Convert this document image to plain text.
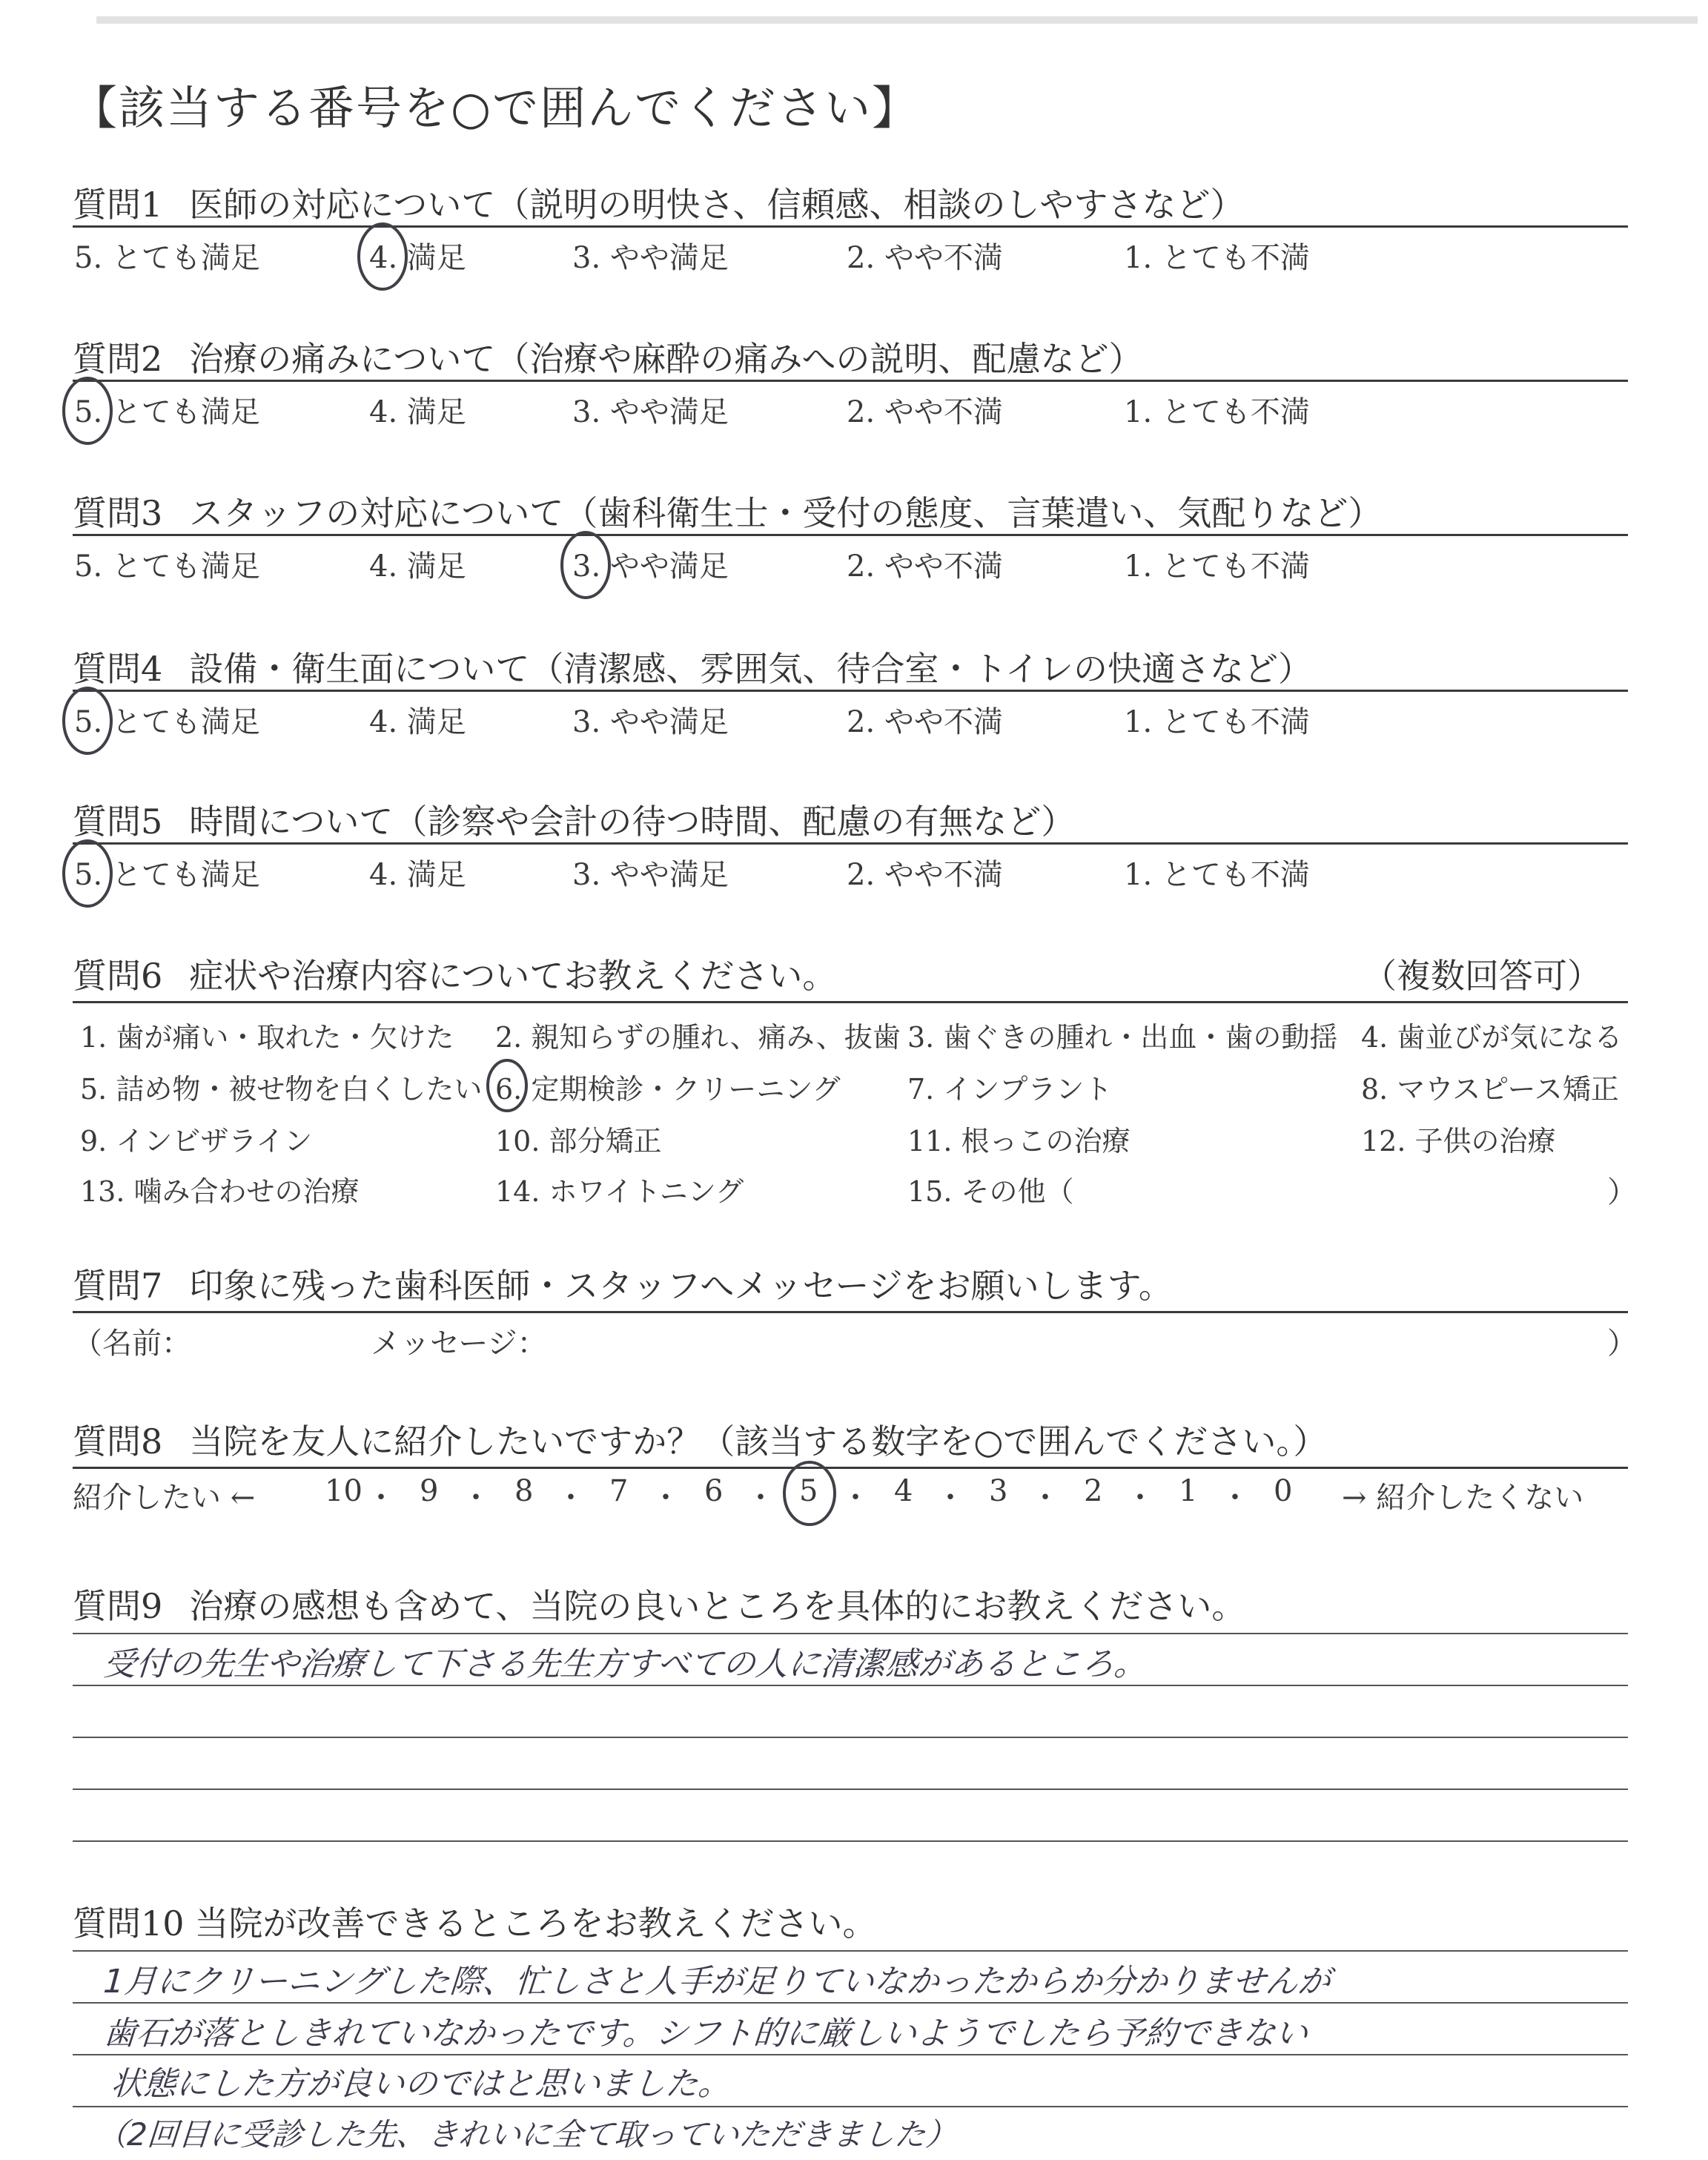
【該当する番号を○で囲んでください】
質問1 医師の対応について（説明の明快さ、信頼感、相談のしやすさなど）
5. とても満足	4. 満足	3. やや満足	2. やや不満	1. とても不満
質問2 治療の痛みについて（治療や麻酔の痛みへの説明、配慮など）
5. とても満足	4. 満足	3. やや満足	2. やや不満	1. とても不満
質問3 スタッフの対応について（歯科衛生士・受付の態度、言葉遣い、気配りなど）
5. とても満足	4. 満足	3. やや満足	2. やや不満	1. とても不満
質問4 設備・衛生面について（清潔感、雰囲気、待合室・トイレの快適さなど）
5. とても満足	4. 満足	3. やや満足	2. やや不満	1. とても不満
質問5 時間について（診察や会計の待つ時間、配慮の有無など）
5. とても満足	4. 満足	3. やや満足	2. やや不満	1. とても不満
質問6 症状や治療内容についてお教えください。	（複数回答可）
1. 歯が痛い・取れた・欠けた 2. 親知らずの腫れ、痛み、抜歯 3. 歯ぐきの腫れ・出血・歯の動揺 4. 歯並びが気になる
5. 詰め物・被せ物を白くしたい 6. 定期検診・クリーニング 7. インプラント	8. マウスピース矯正
9. インビザライン	10. 部分矯正	11. 根っこの治療	12. 子供の治療
13. 噛み合わせの治療	14. ホワイトニング	15. その他（	）
質問7 印象に残った歯科医師・スタッフへメッセージをお願いします。
（名前：	メッセージ：	）
質問8 当院を友人に紹介したいですか？（該当する数字を○で囲んでください。）
紹介したい ← 10 ・ 9 ・ 8 ・ 7 ・ 6 ・ 5 ・ 4 ・ 3 ・ 2 ・ 1 ・ 0 → 紹介したくない
質問9 治療の感想も含めて、当院の良いところを具体的にお教えください。
受付の先生や治療して下さる先生方すべての人に清潔感があるところ。
質問10 当院が改善できるところをお教えください。
1月にクリーニングした際、忙しさと人手が足りていなかったからか分かりませんが
歯石が落としきれていなかったです。シフト的に厳しいようでしたら予約できない
状態にした方が良いのではと思いました。
（2回目に受診した先、きれいに全て取っていただきました）
